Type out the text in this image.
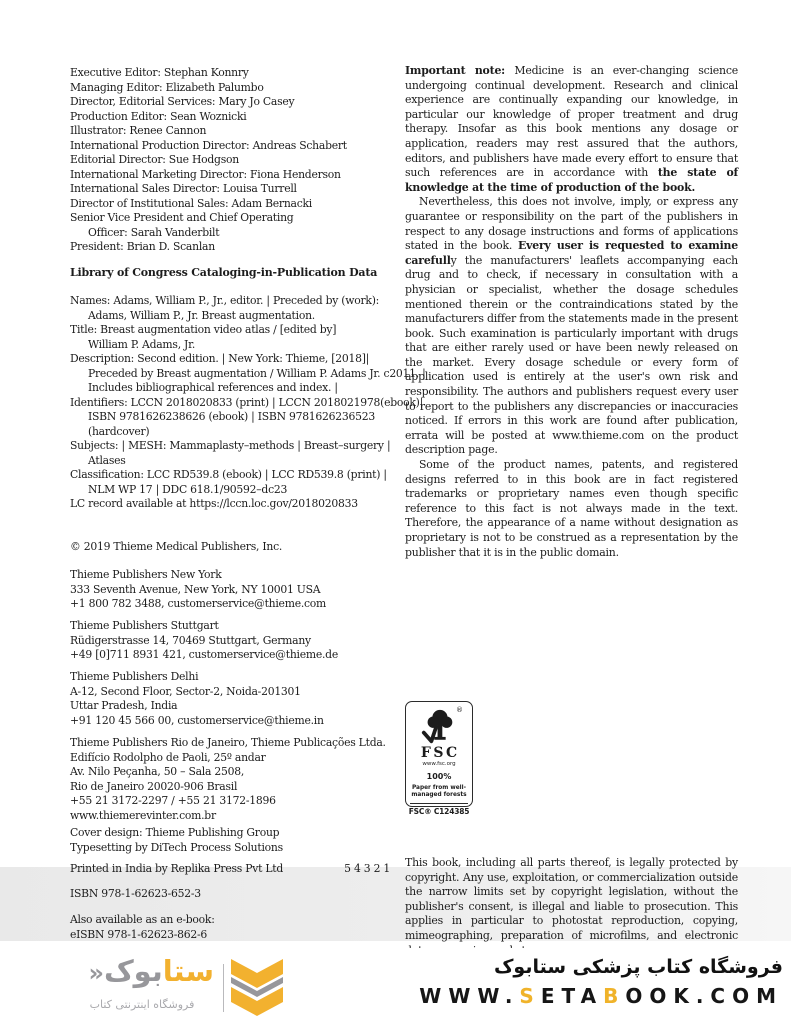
Executive Editor: Stephan Konnry
Managing Editor: Elizabeth Palumbo
Director, Editorial Services: Mary Jo Casey
Production Editor: Sean Woznicki
Illustrator: Renee Cannon
International Production Director: Andreas Schabert
Editorial Director: Sue Hodgson
International Marketing Director: Fiona Henderson
International Sales Director: Louisa Turrell
Director of Institutional Sales: Adam Bernacki
Senior Vice President and Chief Operating
Officer: Sarah Vanderbilt
President: Brian D. Scanlan
Library of Congress Cataloging-in-Publication Data
Names: Adams, William P., Jr., editor. | Preceded by (work):
Adams, William P., Jr. Breast augmentation.
Title: Breast augmentation video atlas / [edited by]
William P. Adams, Jr.
Description: Second edition. | New York: Thieme, [2018]|
Preceded by Breast augmentation / William P. Adams Jr. c2011. |
Includes bibliographical references and index. |
Identifiers: LCCN 2018020833 (print) | LCCN 2018021978(ebook)|
ISBN 9781626238626 (ebook) | ISBN 9781626236523
(hardcover)
Subjects: | MESH: Mammaplasty–methods | Breast–surgery |
Atlases
Classification: LCC RD539.8 (ebook) | LCC RD539.8 (print) |
NLM WP 17 | DDC 618.1/90592–dc23
LC record available at https://lccn.loc.gov/2018020833
© 2019 Thieme Medical Publishers, Inc.
Thieme Publishers New York
333 Seventh Avenue, New York, NY 10001 USA
+1 800 782 3488, customerservice@thieme.com
Thieme Publishers Stuttgart
Rüdigerstrasse 14, 70469 Stuttgart, Germany
+49 [0]711 8931 421, customerservice@thieme.de
Thieme Publishers Delhi
A-12, Second Floor, Sector-2, Noida-201301
Uttar Pradesh, India
+91 120 45 566 00, customerservice@thieme.in
Thieme Publishers Rio de Janeiro, Thieme Publicações Ltda.
Edifício Rodolpho de Paoli, 25º andar
Av. Nilo Peçanha, 50 – Sala 2508,
Rio de Janeiro 20020-906 Brasil
+55 21 3172-2297 / +55 21 3172-1896
www.thiemerevinter.com.br
Cover design: Thieme Publishing Group
Typesetting by DiTech Process Solutions
Printed in India by Replika Press Pvt Ltd	5 4 3 2 1
ISBN 978-1-62623-652-3
Also available as an e-book:
eISBN 978-1-62623-862-6

Important note: Medicine is an ever-changing science undergoing continual development. Research and clinical experience are continually expanding our knowledge, in particular our knowledge of proper treatment and drug therapy. Insofar as this book mentions any dosage or application, readers may rest assured that the authors, editors, and publishers have made every effort to ensure that such references are in accordance with the state of knowledge at the time of production of the book.

Nevertheless, this does not involve, imply, or express any guarantee or responsibility on the part of the publishers in respect to any dosage instructions and forms of applications stated in the book. Every user is requested to examine carefully the manufacturers' leaflets accompanying each drug and to check, if necessary in consultation with a physician or specialist, whether the dosage schedules mentioned therein or the contraindications stated by the manufacturers differ from the statements made in the present book. Such examination is particularly important with drugs that are either rarely used or have been newly released on the market. Every dosage schedule or every form of application used is entirely at the user's own risk and responsibility. The authors and publishers request every user to report to the publishers any discrepancies or inaccuracies noticed. If errors in this work are found after publication, errata will be posted at www.thieme.com on the product description page.

Some of the product names, patents, and registered designs referred to in this book are in fact registered trademarks or proprietary names even though specific reference to this fact is not always made in the text. Therefore, the appearance of a name without designation as proprietary is not to be construed as a representation by the publisher that it is in the public domain.

®
FSC
www.fsc.org
100%
Paper from well-
managed forests
FSC® C124385

This book, including all parts thereof, is legally protected by copyright. Any use, exploitation, or commercialization outside the narrow limits set by copyright legislation, without the publisher's consent, is illegal and liable to prosecution. This applies in particular to photostat reproduction, copying, mimeographing, preparation of microfilms, and electronic

ستابوک«
فروشگاه اینترنتی کتاب
فروشگاه کتاب پزشکی ستابوک
WWW.SETABOOK.COM
